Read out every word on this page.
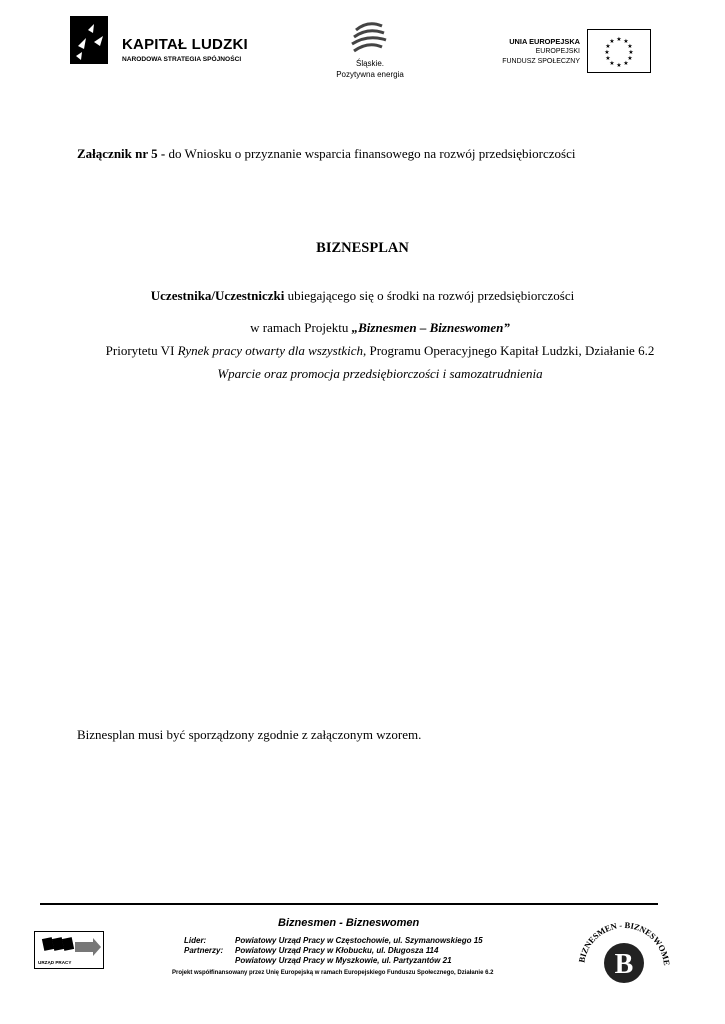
KAPITAŁ LUDZKI
NARODOWA STRATEGIA SPÓJNOŚCI	Śląskie.
Pozytywna energia
UNIA EUROPEJSKA
EUROPEJSKI
FUNDUSZ SPOŁECZNY
★ ★
★
★
★
★
★
★
★
★
★
★
Załącznik nr 5 - do Wniosku o przyznanie wsparcia finansowego na rozwój przedsiębiorczości
BIZNESPLAN
Uczestnika/Uczestniczki ubiegającego się o środki na rozwój przedsiębiorczości
w ramach Projektu „Biznesmen – Bizneswomen”
Priorytetu VI Rynek pracy otwarty dla wszystkich, Programu Operacyjnego Kapitał Ludzki, Działanie 6.2
Wparcie oraz promocja przedsiębiorczości i samozatrudnienia
Biznesplan musi być sporządzony zgodnie z załączonym wzorem.
URZĄD PRACY
Biznesmen - Bizneswomen
Lider:	Powiatowy Urząd Pracy w Częstochowie, ul. Szymanowskiego 15
Partnerzy: Powiatowy Urząd Pracy w Kłobucku, ul. Długosza 114
Powiatowy Urząd Pracy w Myszkowie, ul. Partyzantów 21
Projekt współfinansowany przez Unię Europejską w ramach Europejskiego Funduszu Społecznego, Działanie 6.2
BIZNESMEN - BIZNESWOME
B
